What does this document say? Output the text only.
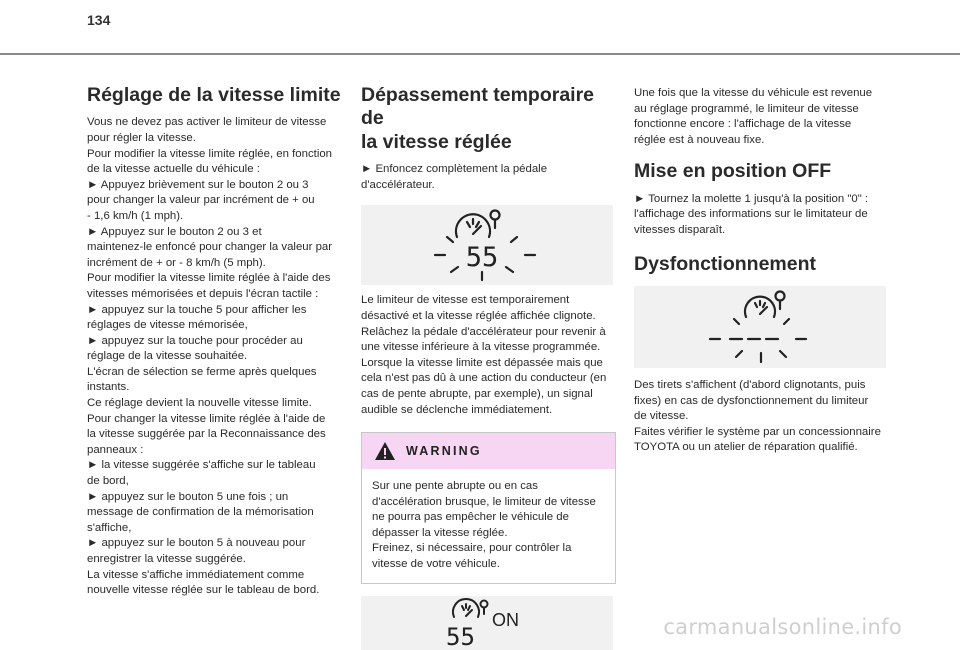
134
Réglage de la vitesse limite

Vous ne devez pas activer le limiteur de vitesse

pour régler la vitesse.

Pour modifier la vitesse limite réglée, en fonction

de la vitesse actuelle du véhicule :

► Appuyez brièvement sur le bouton 2 ou 3

pour changer la valeur par incrément de + ou

- 1,6 km/h (1 mph).

► Appuyez sur le bouton 2 ou 3 et

maintenez-le enfoncé pour changer la valeur par

incrément de + or - 8 km/h (5 mph).

Pour modifier la vitesse limite réglée à l'aide des

vitesses mémorisées et depuis l'écran tactile :

► appuyez sur la touche 5 pour afficher les

réglages de vitesse mémorisée,

► appuyez sur la touche pour procéder au

réglage de la vitesse souhaitée.

L'écran de sélection se ferme après quelques

instants.

Ce réglage devient la nouvelle vitesse limite.

Pour changer la vitesse limite réglée à l'aide de

la vitesse suggérée par la Reconnaissance des

panneaux :

► la vitesse suggérée s'affiche sur le tableau

de bord,

► appuyez sur le bouton 5 une fois ; un

message de confirmation de la mémorisation

s'affiche,

► appuyez sur le bouton 5 à nouveau pour

enregistrer la vitesse suggérée.

La vitesse s'affiche immédiatement comme

nouvelle vitesse réglée sur le tableau de bord.

Dépassement temporaire de
la vitesse réglée

► Enfoncez complètement la pédale

d'accélérateur.

55

Le limiteur de vitesse est temporairement

désactivé et la vitesse réglée affichée clignote.

Relâchez la pédale d'accélérateur pour revenir à

une vitesse inférieure à la vitesse programmée.

Lorsque la vitesse limite est dépassée mais que

cela n'est pas dû à une action du conducteur (en

cas de pente abrupte, par exemple), un signal

audible se déclenche immédiatement.

WARNING

Sur une pente abrupte ou en cas

d'accélération brusque, le limiteur de vitesse

ne pourra pas empêcher le véhicule de

dépasser la vitesse réglée.

Freinez, si nécessaire, pour contrôler la

vitesse de votre véhicule.

55
ON

Une fois que la vitesse du véhicule est revenue

au réglage programmé, le limiteur de vitesse

fonctionne encore : l'affichage de la vitesse

réglée est à nouveau fixe.

Mise en position OFF

► Tournez la molette 1 jusqu'à la position "0" :

l'affichage des informations sur le limitateur de

vitesses disparaît.

Dysfonctionnement

Des tirets s'affichent (d'abord clignotants, puis

fixes) en cas de dysfonctionnement du limiteur

de vitesse.

Faites vérifier le système par un concessionnaire

TOYOTA ou un atelier de réparation qualifié.

carmanualsonline.info
